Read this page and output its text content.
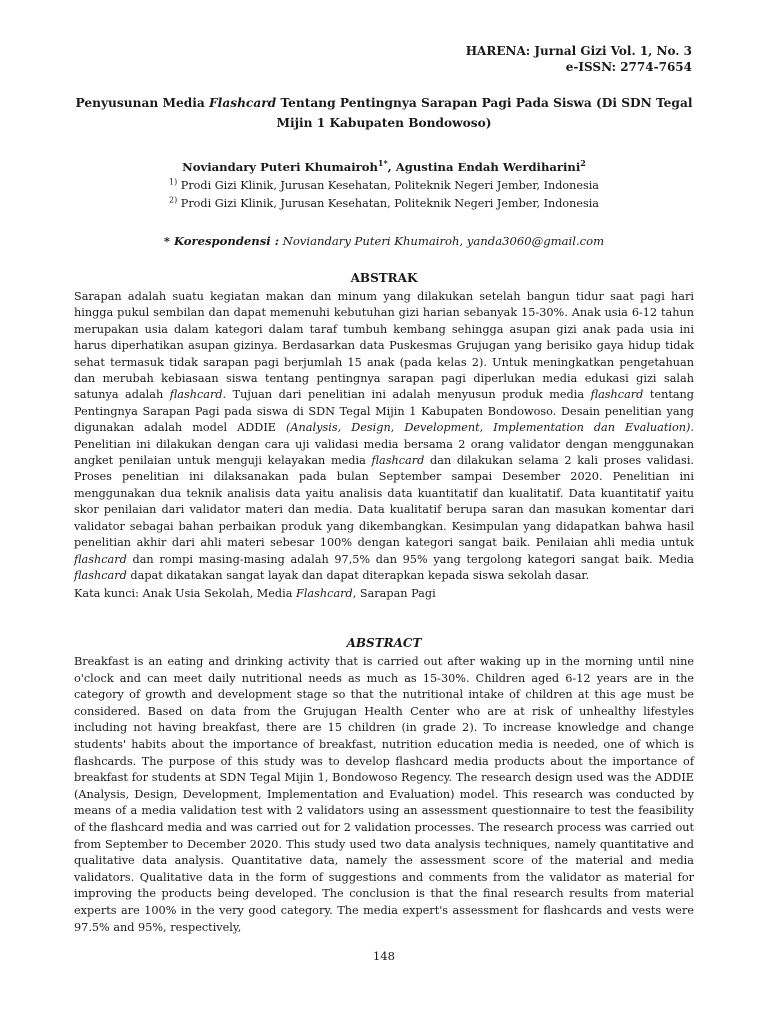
HARENA: Jurnal Gizi Vol. 1, No. 3
e-ISSN: 2774-7654
Penyusunan Media Flashcard Tentang Pentingnya Sarapan Pagi Pada Siswa (Di SDN Tegal Mijin 1 Kabupaten Bondowoso)
Noviandary Puteri Khumairoh$^{1*}$, Agustina Endah Werdiharini$^2$
$^{1)}$ Prodi Gizi Klinik, Jurusan Kesehatan, Politeknik Negeri Jember, Indonesia
$^{2)}$ Prodi Gizi Klinik, Jurusan Kesehatan, Politeknik Negeri Jember, Indonesia
* Korespondensi : Noviandary Puteri Khumairoh, yanda3060@gmail.com
ABSTRAK
Sarapan adalah suatu kegiatan makan dan minum yang dilakukan setelah bangun tidur saat pagi hari hingga pukul sembilan dan dapat memenuhi kebutuhan gizi harian sebanyak 15-30%. Anak usia 6-12 tahun merupakan usia dalam kategori dalam taraf tumbuh kembang sehingga asupan gizi anak pada usia ini harus diperhatikan asupan gizinya. Berdasarkan data Puskesmas Grujugan yang berisiko gaya hidup tidak sehat termasuk tidak sarapan pagi berjumlah 15 anak (pada kelas 2). Untuk meningkatkan pengetahuan dan merubah kebiasaan siswa tentang pentingnya sarapan pagi diperlukan media edukasi gizi salah satunya adalah flashcard. Tujuan dari penelitian ini adalah menyusun produk media flashcard tentang Pentingnya Sarapan Pagi pada siswa di SDN Tegal Mijin 1 Kabupaten Bondowoso. Desain penelitian yang digunakan adalah model ADDIE (Analysis, Design, Development, Implementation dan Evaluation). Penelitian ini dilakukan dengan cara uji validasi media bersama 2 orang validator dengan menggunakan angket penilaian untuk menguji kelayakan media flashcard dan dilakukan selama 2 kali proses validasi. Proses penelitian ini dilaksanakan pada bulan September sampai Desember 2020. Penelitian ini menggunakan dua teknik analisis data yaitu analisis data kuantitatif dan kualitatif. Data kuantitatif yaitu skor penilaian dari validator materi dan media. Data kualitatif berupa saran dan masukan komentar dari validator sebagai bahan perbaikan produk yang dikembangkan. Kesimpulan yang didapatkan bahwa hasil penelitian akhir dari ahli materi sebesar 100% dengan kategori sangat baik. Penilaian ahli media untuk flashcard dan rompi masing-masing adalah 97,5% dan 95% yang tergolong kategori sangat baik. Media flashcard dapat dikatakan sangat layak dan dapat diterapkan kepada siswa sekolah dasar.
Kata kunci: Anak Usia Sekolah, Media Flashcard, Sarapan Pagi
ABSTRACT
Breakfast is an eating and drinking activity that is carried out after waking up in the morning until nine o'clock and can meet daily nutritional needs as much as 15-30%. Children aged 6-12 years are in the category of growth and development stage so that the nutritional intake of children at this age must be considered. Based on data from the Grujugan Health Center who are at risk of unhealthy lifestyles including not having breakfast, there are 15 children (in grade 2). To increase knowledge and change students' habits about the importance of breakfast, nutrition education media is needed, one of which is flashcards. The purpose of this study was to develop flashcard media products about the importance of breakfast for students at SDN Tegal Mijin 1, Bondowoso Regency. The research design used was the ADDIE (Analysis, Design, Development, Implementation and Evaluation) model. This research was conducted by means of a media validation test with 2 validators using an assessment questionnaire to test the feasibility of the flashcard media and was carried out for 2 validation processes. The research process was carried out from September to December 2020. This study used two data analysis techniques, namely quantitative and qualitative data analysis. Quantitative data, namely the assessment score of the material and media validators. Qualitative data in the form of suggestions and comments from the validator as material for improving the products being developed. The conclusion is that the final research results from material experts are 100% in the very good category. The media expert's assessment for flashcards and vests were 97.5% and 95%, respectively,
148
